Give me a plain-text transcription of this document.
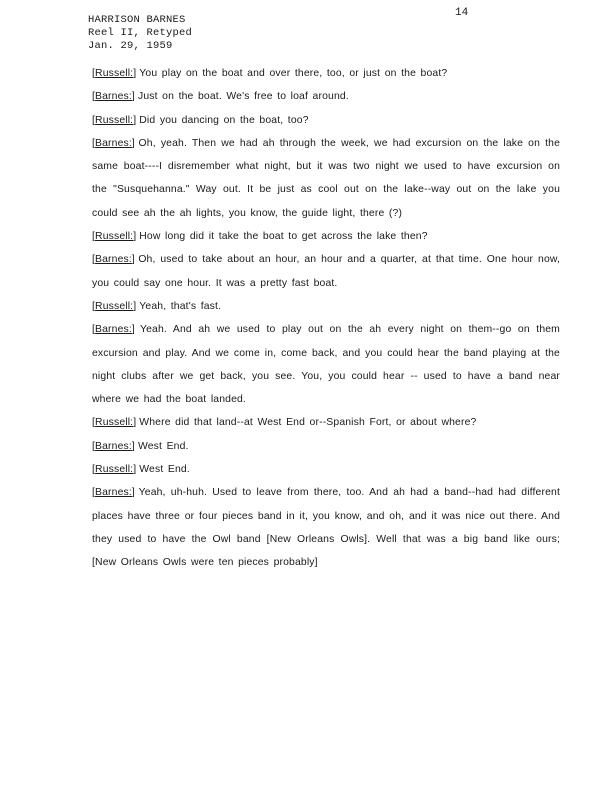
HARRISON BARNES
Reel II, Retyped
Jan. 29, 1959
14

[Russell:] You play on the boat and over there, too, or just on the boat?

[Barnes:] Just on the boat. We's free to loaf around.

[Russell:] Did you dancing on the boat, too?

[Barnes:] Oh, yeah. Then we had ah through the week, we had excursion on the lake on the same boat----I disremember what night, but it was two night we used to have excursion on the "Susquehanna." Way out. It be just as cool out on the lake--way out on the lake you could see ah the ah lights, you know, the guide light, there (?)

[Russell:] How long did it take the boat to get across the lake then?

[Barnes:] Oh, used to take about an hour, an hour and a quarter, at that time. One hour now, you could say one hour. It was a pretty fast boat.

[Russell:] Yeah, that's fast.

[Barnes:] Yeah. And ah we used to play out on the ah every night on them--go on them excursion and play. And we come in, come back, and you could hear the band playing at the night clubs after we get back, you see. You, you could hear -- used to have a band near where we had the boat landed.

[Russell:] Where did that land--at West End or--Spanish Fort, or about where?

[Barnes:] West End.

[Russell:] West End.

[Barnes:] Yeah, uh-huh. Used to leave from there, too. And ah had a band--had had different places have three or four pieces band in it, you know, and oh, and it was nice out there. And they used to have the Owl band [New Orleans Owls]. Well that was a big band like ours; [New Orleans Owls were ten pieces probably]
